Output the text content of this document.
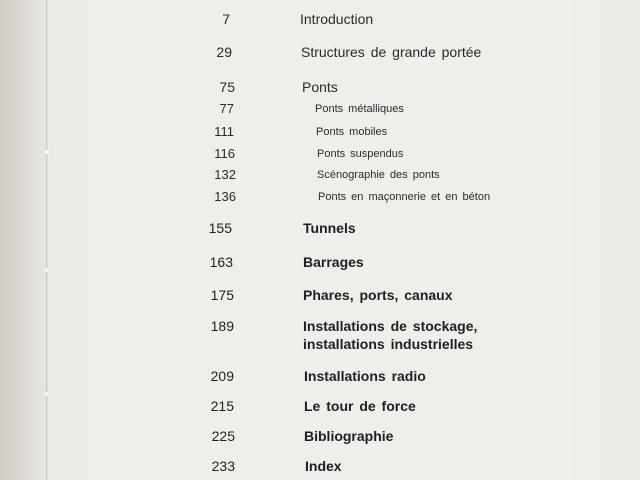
7	Introduction
29	Structures de grande portée
75	Ponts
77	Ponts métalliques
111	Ponts mobiles
116	Ponts suspendus
132	Scénographie des ponts
136	Ponts en maçonnerie et en béton
155	Tunnels
163	Barrages
175	Phares, ports, canaux
189	Installations de stockage,
installations industrielles
209	Installations radio
215	Le tour de force
225	Bibliographie
233	Index
